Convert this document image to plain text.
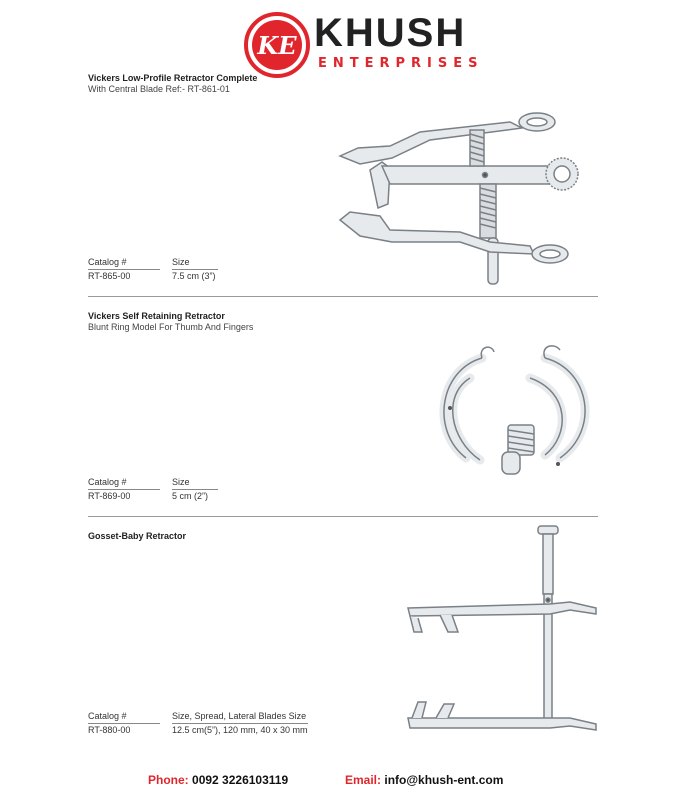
KE KHUSH
ENTERPRISES
Vickers Low-Profile Retractor Complete
With Central Blade Ref:- RT-861-01
Catalog #	Size
RT-865-00	7.5 cm (3”)
Vickers Self Retaining Retractor
Blunt Ring Model For Thumb And Fingers
Catalog #	Size
RT-869-00	5 cm (2”)
Gosset-Baby Retractor
Catalog #	Size, Spread, Lateral Blades Size
RT-880-00	12.5 cm(5”), 120 mm, 40 x 30 mm
Phone: 0092 3226103119	Email: info@khush-ent.com
